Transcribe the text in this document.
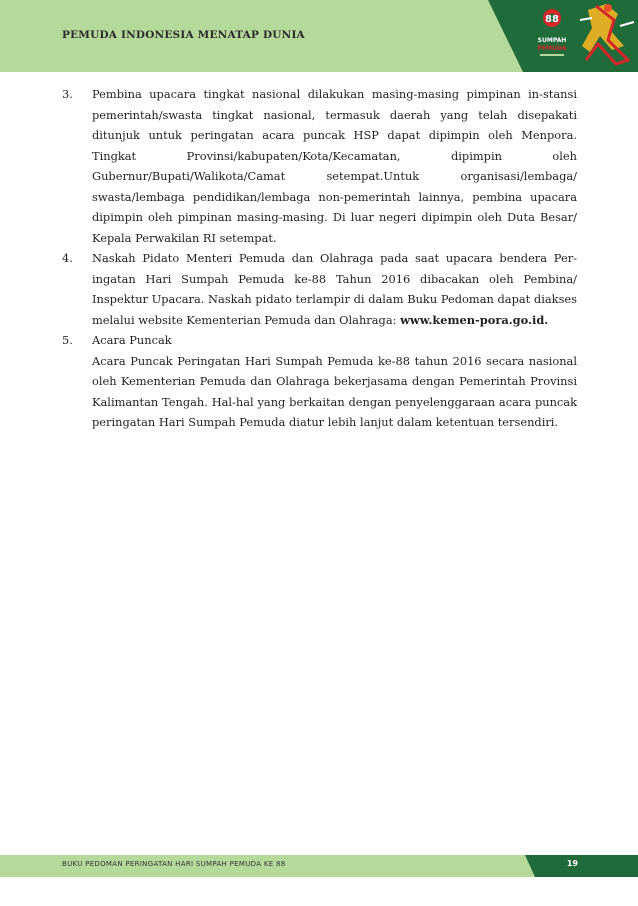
PEMUDA INDONESIA MENATAP DUNIA
88
SUMPAH
PEMUDA
3.	Pembina upacara tingkat nasional dilakukan masing-masing pimpinan in-stansi pemerintah/swasta tingkat nasional, termasuk daerah yang telah disepakati ditunjuk untuk peringatan acara puncak HSP dapat dipimpin oleh Menpora. Tingkat Provinsi/kabupaten/Kota/Kecamatan, dipimpin oleh Gubernur/Bupati/Walikota/Camat setempat.Untuk organisasi/lembaga/ swasta/lembaga pendidikan/lembaga non-pemerintah lainnya, pembina upacara dipimpin oleh pimpinan masing-masing. Di luar negeri dipimpin oleh Duta Besar/ Kepala Perwakilan RI setempat.

4.	Naskah Pidato Menteri Pemuda dan Olahraga pada saat upacara bendera Per-ingatan Hari Sumpah Pemuda ke-88 Tahun 2016 dibacakan oleh Pembina/ Inspektur Upacara. Naskah pidato terlampir di dalam Buku Pedoman dapat diakses melalui website Kementerian Pemuda dan Olahraga: www.kemen-pora.go.id.

5.	Acara Puncak

Acara Puncak Peringatan Hari Sumpah Pemuda ke-88 tahun 2016 secara nasional oleh Kementerian Pemuda dan Olahraga bekerjasama dengan Pemerintah Provinsi Kalimantan Tengah. Hal-hal yang berkaitan dengan penyelenggaraan acara puncak peringatan Hari Sumpah Pemuda diatur lebih lanjut dalam ketentuan tersendiri.

BUKU PEDOMAN PERINGATAN HARI SUMPAH PEMUDA KE 88	19
